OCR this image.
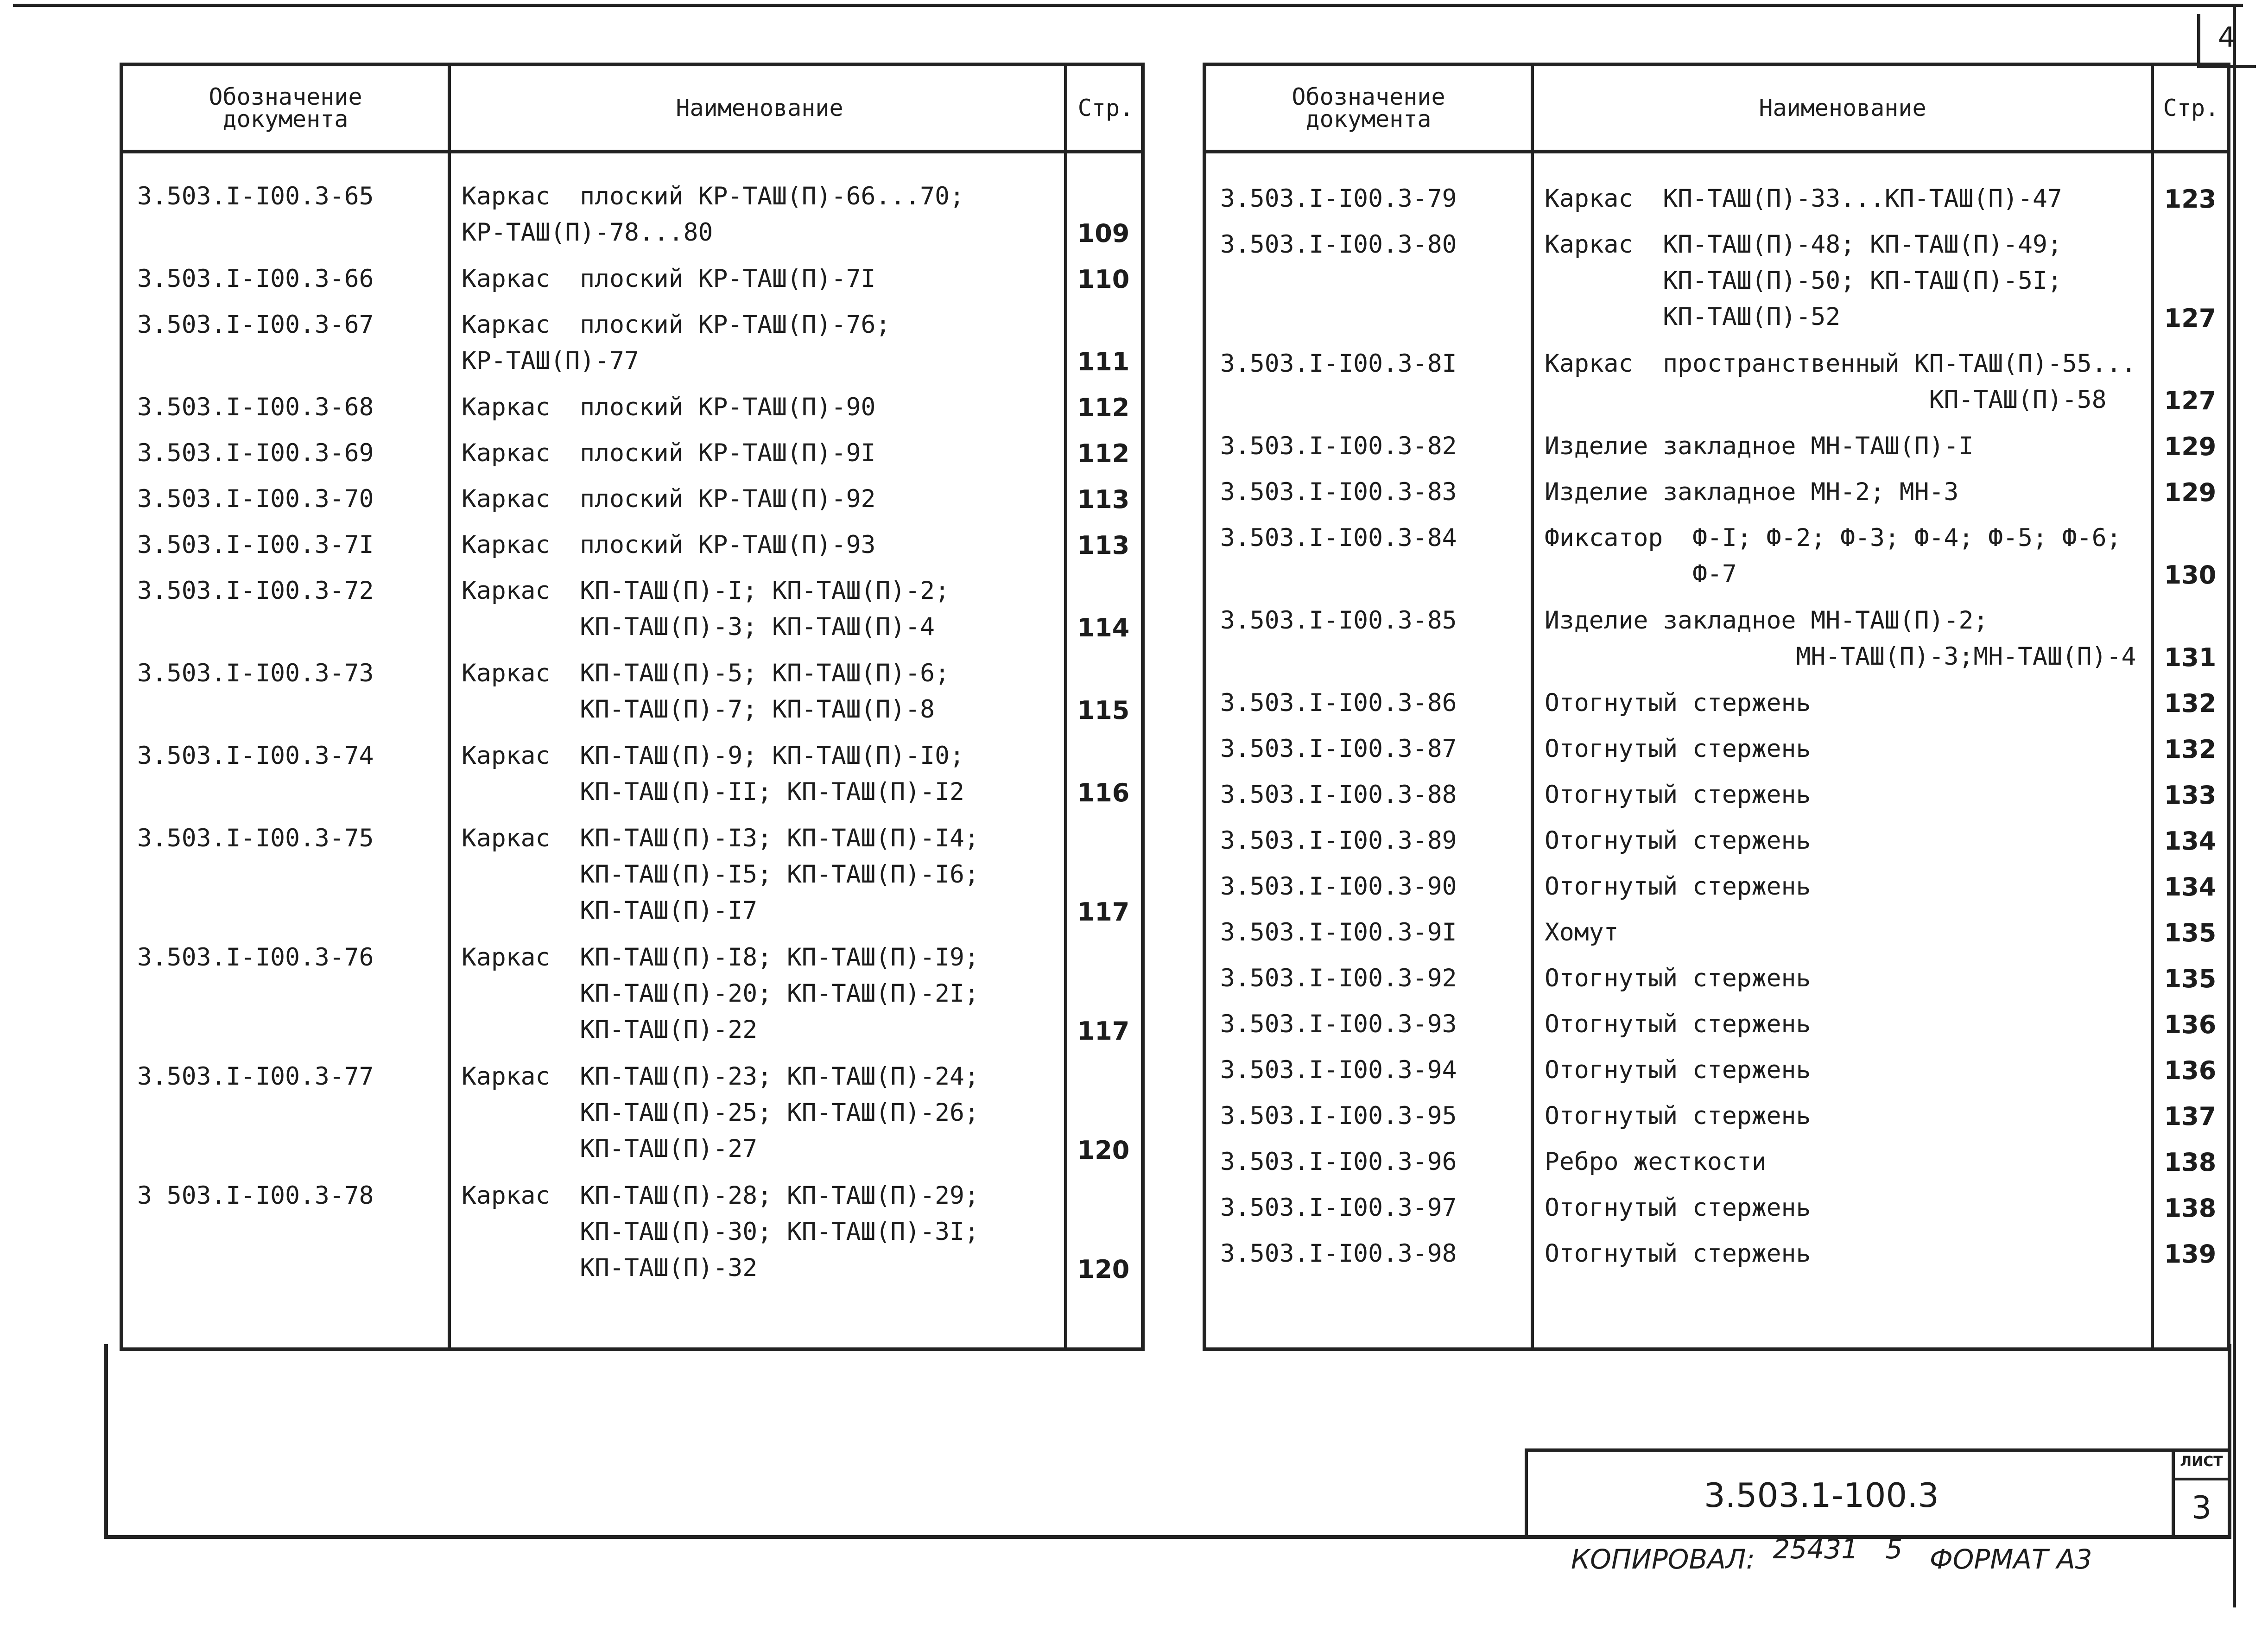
4
Обозначение документа	Наименование	Стр.
3.503.I-I00.3-65	Каркас  плоский КР-ТАШ(П)-66...70;
КР-ТАШ(П)-78...80	109
3.503.I-I00.3-66	Каркас  плоский КР-ТАШ(П)-7I	110
3.503.I-I00.3-67	Каркас  плоский КР-ТАШ(П)-76;
КР-ТАШ(П)-77	111
3.503.I-I00.3-68	Каркас  плоский КР-ТАШ(П)-90	112
3.503.I-I00.3-69	Каркас  плоский КР-ТАШ(П)-9I	112
3.503.I-I00.3-70	Каркас  плоский КР-ТАШ(П)-92	113
3.503.I-I00.3-7I	Каркас  плоский КР-ТАШ(П)-93	113
3.503.I-I00.3-72	Каркас  КП-ТАШ(П)-I; КП-ТАШ(П)-2;
КП-ТАШ(П)-3; КП-ТАШ(П)-4	114
3.503.I-I00.3-73	Каркас  КП-ТАШ(П)-5; КП-ТАШ(П)-6;
КП-ТАШ(П)-7; КП-ТАШ(П)-8	115
3.503.I-I00.3-74	Каркас  КП-ТАШ(П)-9; КП-ТАШ(П)-I0;
КП-ТАШ(П)-II; КП-ТАШ(П)-I2	116
3.503.I-I00.3-75	Каркас  КП-ТАШ(П)-I3; КП-ТАШ(П)-I4;
КП-ТАШ(П)-I5; КП-ТАШ(П)-I6;
КП-ТАШ(П)-I7	117
3.503.I-I00.3-76	Каркас  КП-ТАШ(П)-I8; КП-ТАШ(П)-I9;
КП-ТАШ(П)-20; КП-ТАШ(П)-2I;
КП-ТАШ(П)-22	117
3.503.I-I00.3-77	Каркас  КП-ТАШ(П)-23; КП-ТАШ(П)-24;
КП-ТАШ(П)-25; КП-ТАШ(П)-26;
КП-ТАШ(П)-27	120
3 503.I-I00.3-78	Каркас  КП-ТАШ(П)-28; КП-ТАШ(П)-29;
КП-ТАШ(П)-30; КП-ТАШ(П)-3I;
КП-ТАШ(П)-32	120
Обозначение документа	Наименование	Стр.
3.503.I-I00.3-79	Каркас  КП-ТАШ(П)-33...КП-ТАШ(П)-47	123
3.503.I-I00.3-80	Каркас  КП-ТАШ(П)-48; КП-ТАШ(П)-49;
КП-ТАШ(П)-50; КП-ТАШ(П)-5I;
КП-ТАШ(П)-52	127
3.503.I-I00.3-8I	Каркас  пространственный КП-ТАШ(П)-55...
КП-ТАШ(П)-58	127
3.503.I-I00.3-82	Изделие закладное МН-ТАШ(П)-I	129
3.503.I-I00.3-83	Изделие закладное МН-2; МН-3	129
3.503.I-I00.3-84	Фиксатор  Ф-I; Ф-2; Ф-3; Ф-4; Ф-5; Ф-6;
Ф-7	130
3.503.I-I00.3-85	Изделие закладное МН-ТАШ(П)-2;
МН-ТАШ(П)-3;МН-ТАШ(П)-4	131
3.503.I-I00.3-86	Отогнутый стержень	132
3.503.I-I00.3-87	Отогнутый стержень	132
3.503.I-I00.3-88	Отогнутый стержень	133
3.503.I-I00.3-89	Отогнутый стержень	134
3.503.I-I00.3-90	Отогнутый стержень	134
3.503.I-I00.3-9I	Хомут	135
3.503.I-I00.3-92	Отогнутый стержень	135
3.503.I-I00.3-93	Отогнутый стержень	136
3.503.I-I00.3-94	Отогнутый стержень	136
3.503.I-I00.3-95	Отогнутый стержень	137
3.503.I-I00.3-96	Ребро жесткости	138
3.503.I-I00.3-97	Отогнутый стержень	138
3.503.I-I00.3-98	Отогнутый стержень	139
3.503.1-100.3
ЛИСТ
3
КОПИРОВАЛ: 25431 5 ФОРМАТ А3
